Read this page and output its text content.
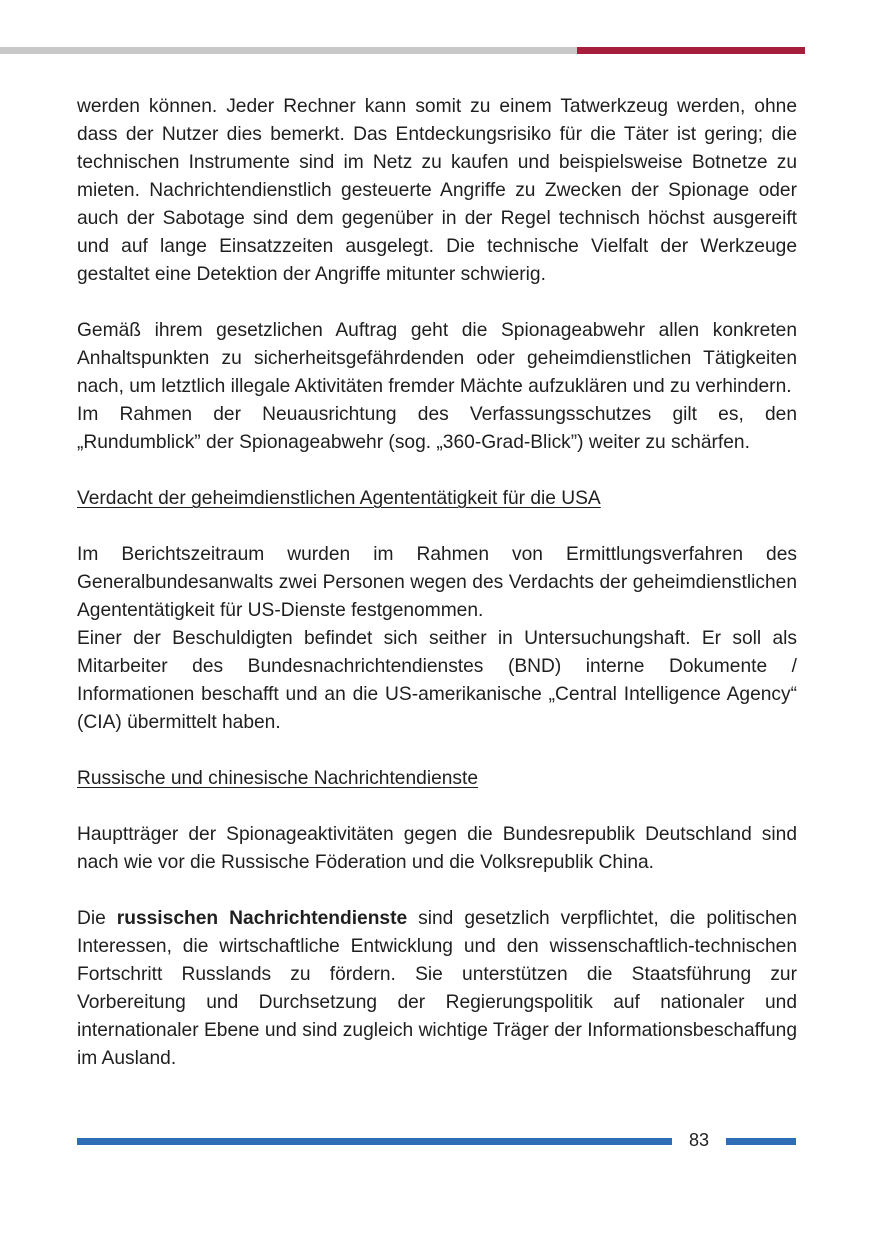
werden können. Jeder Rechner kann somit zu einem Tatwerkzeug werden, ohne dass der Nutzer dies bemerkt. Das Entdeckungsrisiko für die Täter ist gering; die technischen Instrumente sind im Netz zu kaufen und beispielsweise Botnetze zu mieten. Nachrichtendienstlich gesteuerte Angriffe zu Zwecken der Spionage oder auch der Sabotage sind dem gegenüber in der Regel technisch höchst ausgereift und auf lange Einsatzzeiten ausgelegt. Die technische Vielfalt der Werkzeuge gestaltet eine Detektion der Angriffe mitunter schwierig.

Gemäß ihrem gesetzlichen Auftrag geht die Spionageabwehr allen konkreten Anhaltspunkten zu sicherheitsgefährdenden oder geheimdienstlichen Tätigkeiten nach, um letztlich illegale Aktivitäten fremder Mächte aufzuklären und zu verhindern.

Im Rahmen der Neuausrichtung des Verfassungsschutzes gilt es, den „Rundumblick” der Spionageabwehr (sog. „360-Grad-Blick”) weiter zu schärfen.

Verdacht der geheimdienstlichen Agententätigkeit für die USA

Im Berichtszeitraum wurden im Rahmen von Ermittlungsverfahren des Generalbundesanwalts zwei Personen wegen des Verdachts der geheimdienstlichen Agententätigkeit für US-Dienste festgenommen.

Einer der Beschuldigten befindet sich seither in Untersuchungshaft. Er soll als Mitarbeiter des Bundesnachrichtendienstes (BND) interne Dokumente / Informationen beschafft und an die US-amerikanische „Central Intelligence Agency“ (CIA) übermittelt haben.

Russische und chinesische Nachrichtendienste

Hauptträger der Spionageaktivitäten gegen die Bundesrepublik Deutschland sind nach wie vor die Russische Föderation und die Volksrepublik China.

Die russischen Nachrichtendienste sind gesetzlich verpflichtet, die politischen Interessen, die wirtschaftliche Entwicklung und den wissenschaftlich-technischen Fortschritt Russlands zu fördern. Sie unterstützen die Staatsführung zur Vorbereitung und Durchsetzung der Regierungspolitik auf nationaler und internationaler Ebene und sind zugleich wichtige Träger der Informationsbeschaffung im Ausland.

83
